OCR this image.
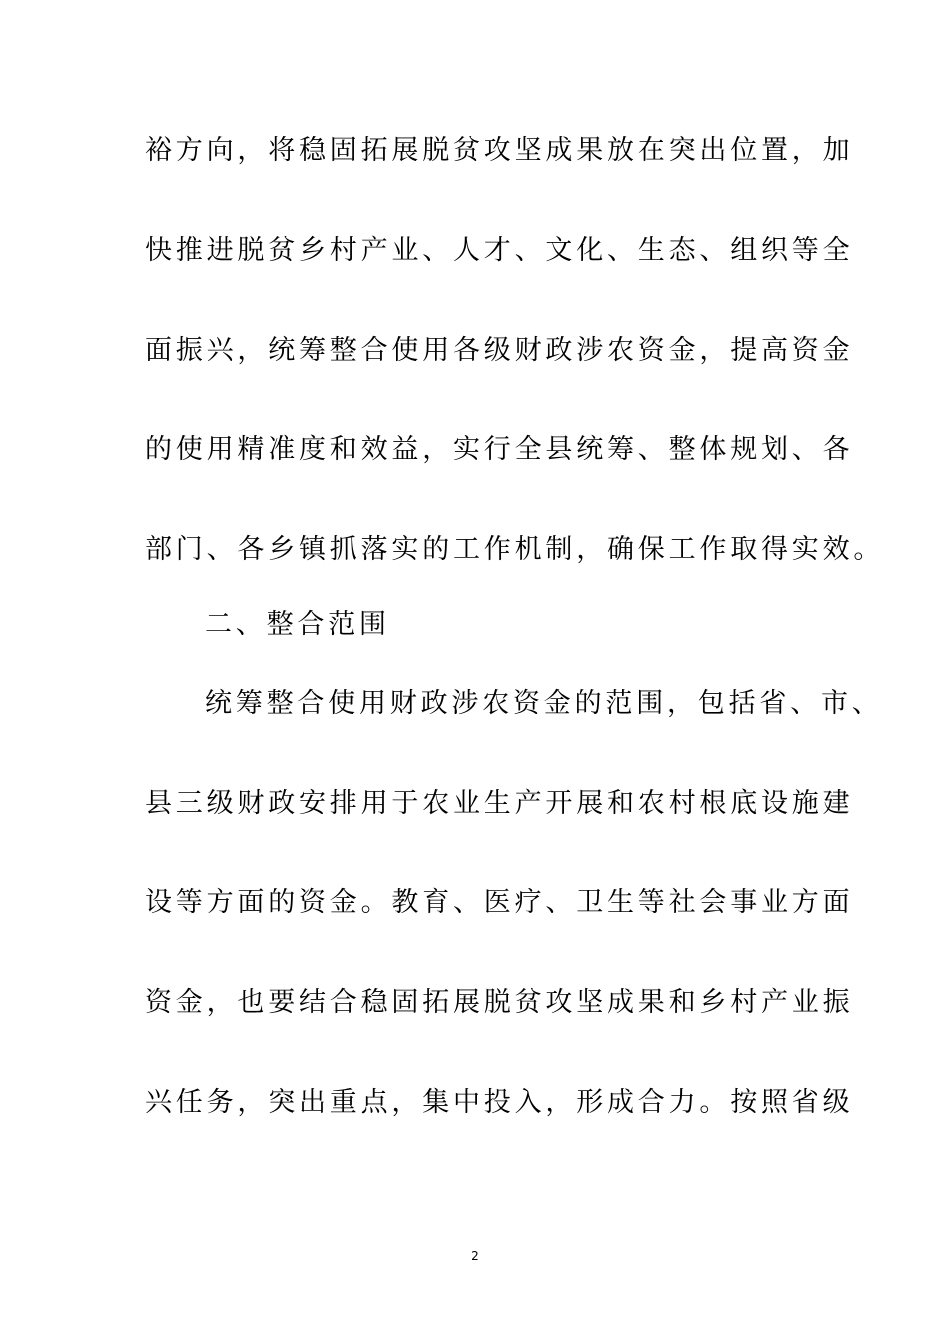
裕方向，将稳固拓展脱贫攻坚成果放在突出位置，加
快推进脱贫乡村产业、人才、文化、生态、组织等全
面振兴，统筹整合使用各级财政涉农资金，提高资金
的使用精准度和效益，实行全县统筹、整体规划、各
部门、各乡镇抓落实的工作机制，确保工作取得实效。
二、整合范围
统筹整合使用财政涉农资金的范围，包括省、市、
县三级财政安排用于农业生产开展和农村根底设施建
设等方面的资金。教育、医疗、卫生等社会事业方面
资金，也要结合稳固拓展脱贫攻坚成果和乡村产业振
兴任务，突出重点，集中投入，形成合力。按照省级
2
